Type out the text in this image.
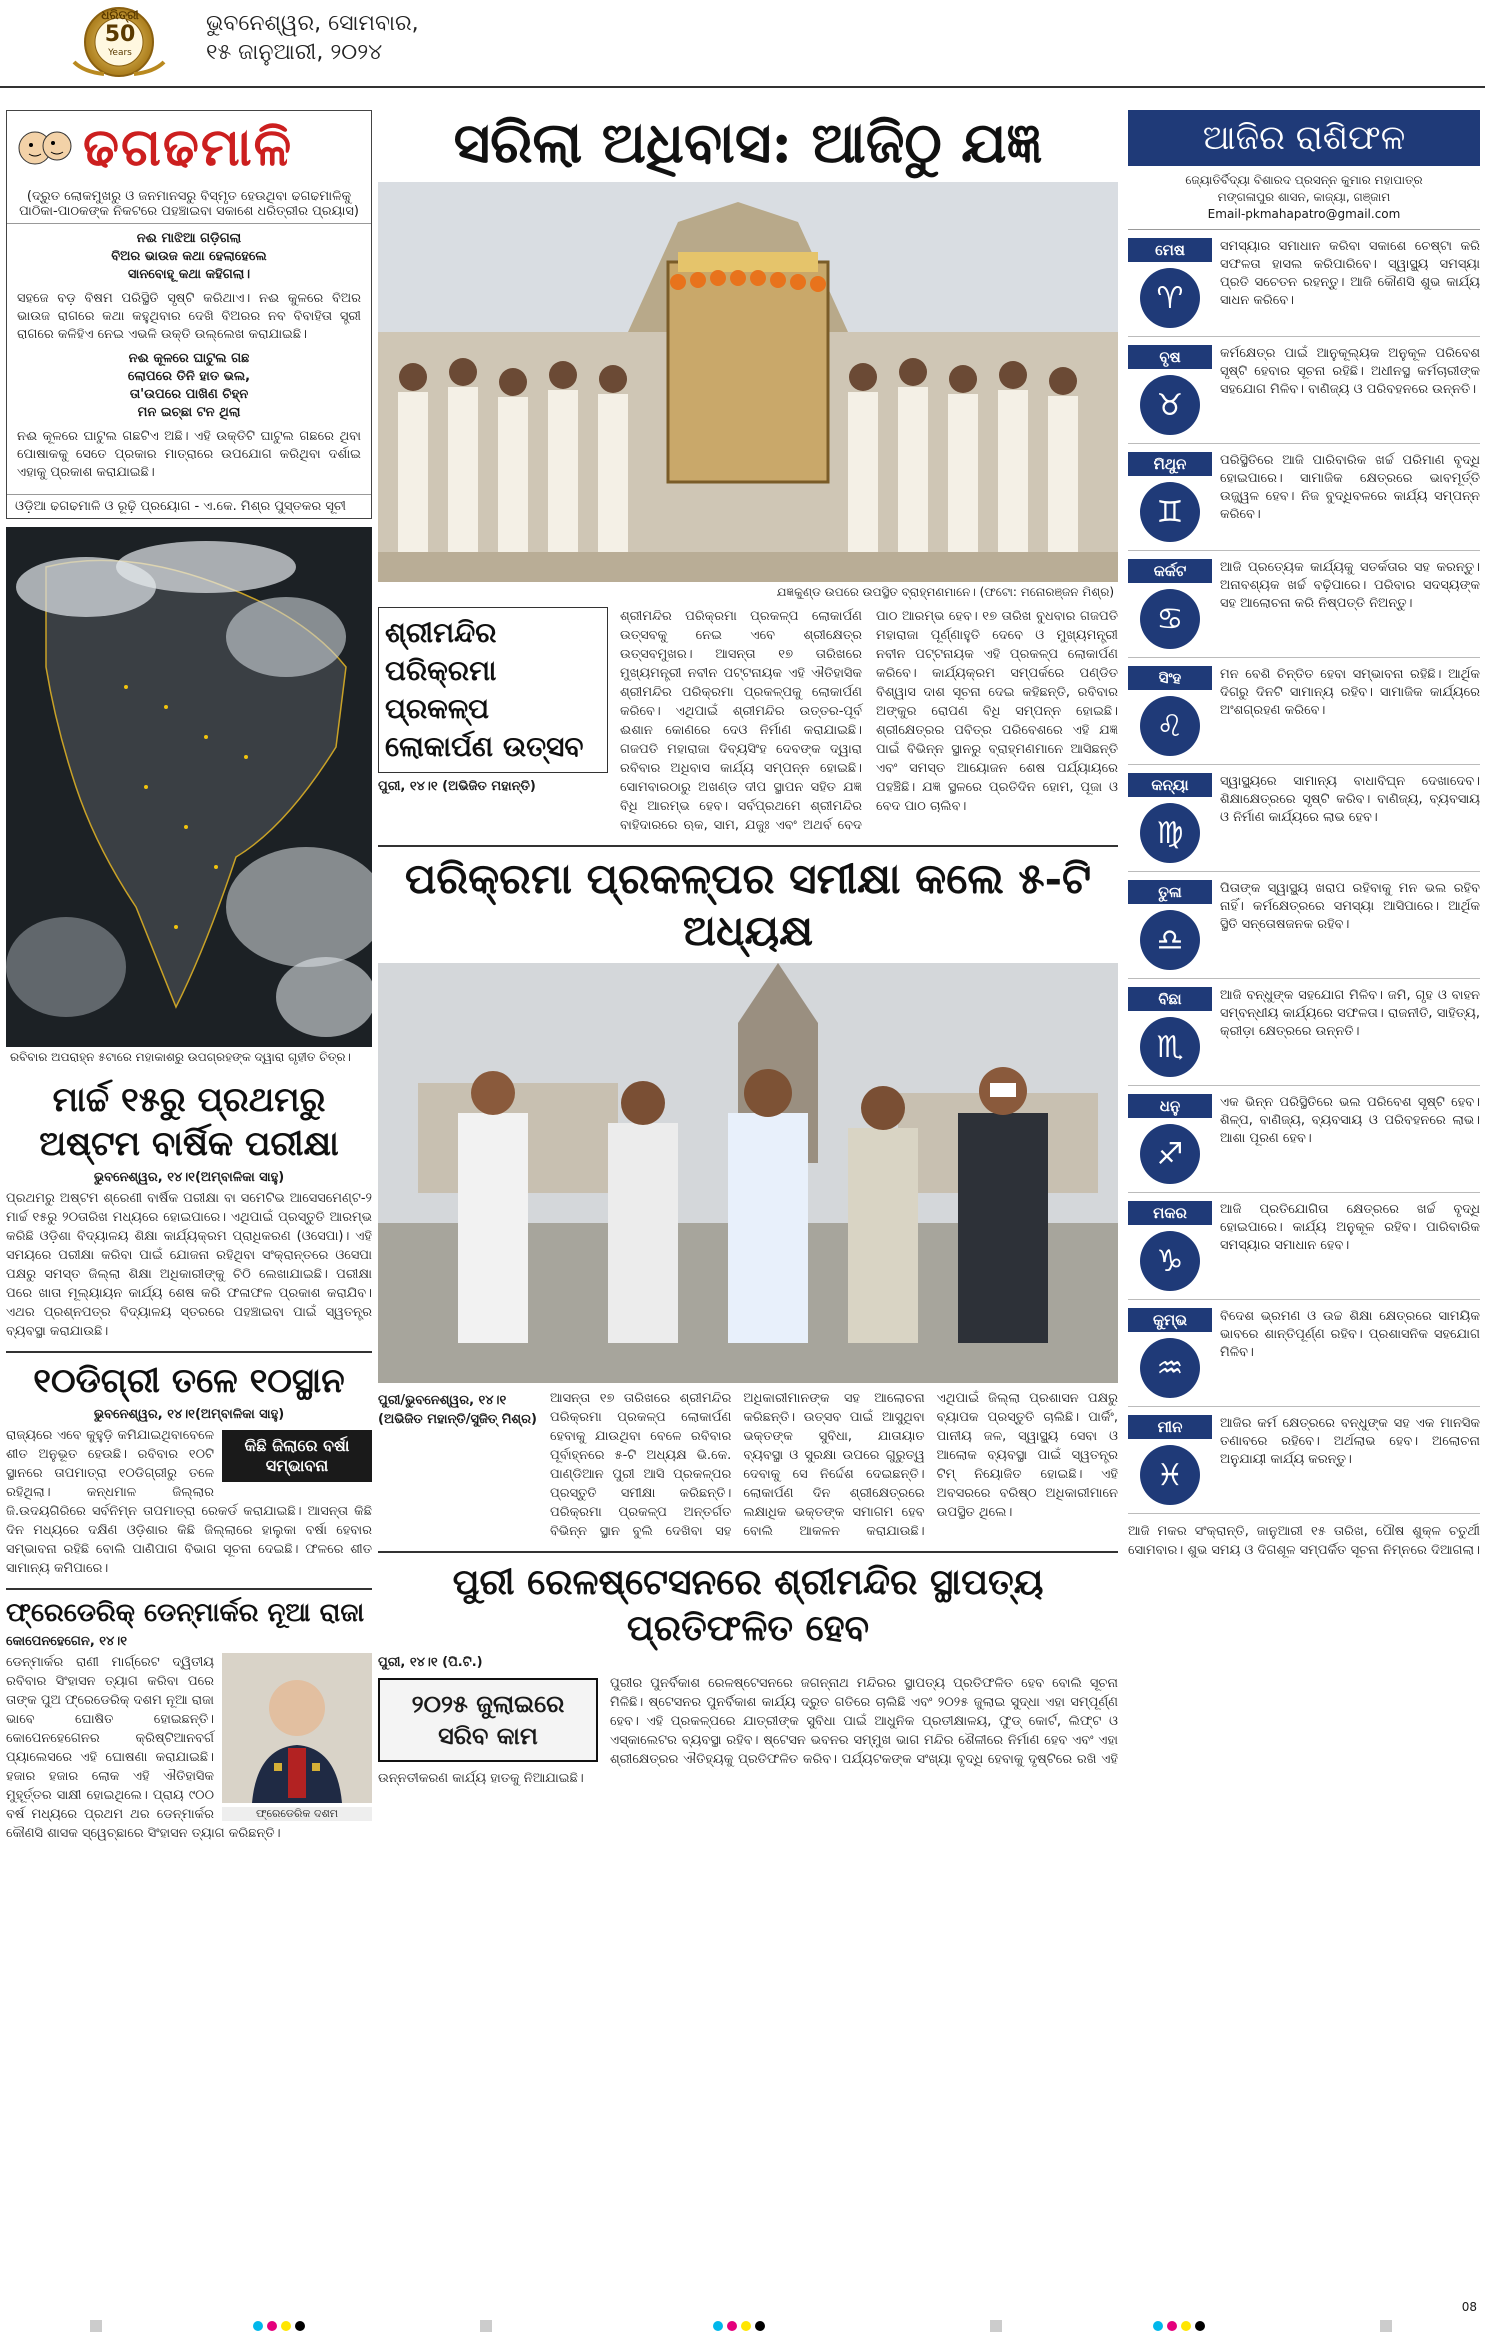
ଧରିତ୍ରୀ
50
Years
ଭୁବନେଶ୍ୱର, ସୋମବାର,
୧୫ ଜାନୁଆରୀ, ୨୦୨୪
ଢଗଢମାଳି
(ଦ୍ରୁତ ଲୋକମୁଖରୁ ଓ ଜନମାନସରୁ ବିସ୍ମୃତ ହେଉଥିବା ଢଗଢମାଳିକୁ ପାଠିକା-ପାଠକଙ୍କ ନିକଟରେ ପହଞ୍ଚାଇବା ସକାଶେ ଧରିତ୍ରୀର ପ୍ରୟାସ)

ନଈ ମାଝିଆ ଗଡ଼ିଗଲା

ବିଅର ଭାଉଜ କଥା ହେଲାହେଲେ

ସାନବୋହୂ କଥା କହିଗଲା।

ସହଜେ ବଡ଼ ବିଷମ ପରିସ୍ଥିତି ସୃଷ୍ଟି କରିଥାଏ। ନଈ କୁଳରେ ବିଅର ଭାଉଜ ରାଗରେ କଥା କହୁଥିବାର ଦେଖି ବିଅରର ନବ ବିବାହିତା ସ୍ତ୍ରୀ ରାଗରେ କଳିହିଏ ନେଇ ଏଭଳି ଉକ୍ତି ଉଲ୍ଲେଖ କରାଯାଇଛି।

ନଈ କୂଳରେ ଘାଟୁଲ ଗଛ

ଲୋପରେ ତିନି ହାତ ଭଲ,

ତା'ଉପରେ ପାଖିଣ ଚିହ୍ନ

ମନ ଇଚ୍ଛା ଟନ ଥିଲା

ନଈ କୂଳରେ ଘାଟୁଲ ଗଛଟିଏ ଅଛି। ଏହି ଉକ୍ତିଟି ଘାଟୁଲ ଗଛରେ ଥିବା ପୋଷାକକୁ ସେତେ ପ୍ରକାର ମାତ୍ରାରେ ଉପଯୋଗ କରିଥିବା ଦର୍ଶାଇ ଏହାକୁ ପ୍ରକାଶ କରାଯାଇଛି।

ଓଡ଼ିଆ ଢଗଢମାଳି ଓ ରୂଢ଼ି ପ୍ରୟୋଗ - ଏ.କେ. ମିଶ୍ର ପୁସ୍ତକର ସୂଚୀ
ରବିବାର ଅପରାହ୍ନ ୫ଟାରେ ମହାକାଶରୁ ଉପଗ୍ରହଙ୍କ ଦ୍ୱାରା ଗୃହୀତ ଚିତ୍ର।
ମାର୍ଚ୍ଚ ୧୫ରୁ ପ୍ରଥମରୁ ଅଷ୍ଟମ ବାର୍ଷିକ ପରୀକ୍ଷା
ଭୁବନେଶ୍ୱର, ୧୪।୧(ଅମ୍ବାଳିକା ସାହୁ)
ପ୍ରଥମରୁ ଅଷ୍ଟମ ଶ୍ରେଣୀ ବାର୍ଷିକ ପରୀକ୍ଷା ବା ସମେଟିଭ ଆସେସମେଣ୍ଟ-୨ ମାର୍ଚ୍ଚ ୧୫ରୁ ୨୦ତାରିଖ ମଧ୍ୟରେ ହୋଇପାରେ। ଏଥିପାଇଁ ପ୍ରସ୍ତୁତି ଆରମ୍ଭ କରିଛି ଓଡ଼ିଶା ବିଦ୍ୟାଳୟ ଶିକ୍ଷା କାର୍ଯ୍ୟକ୍ରମ ପ୍ରାଧିକରଣ (ଓସେପା)। ଏହି ସମୟରେ ପରୀକ୍ଷା କରିବା ପାଇଁ ଯୋଜନା ରହିଥିବା ସଂକ୍ରାନ୍ତରେ ଓସେପା ପକ୍ଷରୁ ସମସ୍ତ ଜିଲ୍ଲା ଶିକ୍ଷା ଅଧିକାରୀଙ୍କୁ ଚିଠି ଲେଖାଯାଇଛି। ପରୀକ୍ଷା ପରେ ଖାତା ମୂଲ୍ୟାୟନ କାର୍ଯ୍ୟ ଶେଷ କରି ଫଳାଫଳ ପ୍ରକାଶ କରାଯିବ। ଏଥର ପ୍ରଶ୍ନପତ୍ର ବିଦ୍ୟାଳୟ ସ୍ତରରେ ପହଞ୍ଚାଇବା ପାଇଁ ସ୍ୱତନ୍ତ୍ର ବ୍ୟବସ୍ଥା କରାଯାଉଛି।
୧୦ଡିଗ୍ରୀ ତଳେ ୧୦ସ୍ଥାନ
ଭୁବନେଶ୍ୱର, ୧୪।୧(ଅମ୍ବାଳିକା ସାହୁ)
କିଛି ଜିଲାରେ ବର୍ଷା ସମ୍ଭାବନା
ରାଜ୍ୟରେ ଏବେ କୁହୁଡ଼ି କମିଯାଇଥିବାବେଳେ ଶୀତ ଅନୁଭୂତ ହେଉଛି। ରବିବାର ୧୦ଟି ସ୍ଥାନରେ ତାପମାତ୍ରା ୧୦ଡିଗ୍ରୀରୁ ତଳେ ରହିଥିଲା। କନ୍ଧମାଳ ଜିଲ୍ଲାର ଜି.ଉଦୟଗିରିରେ ସର୍ବନିମ୍ନ ତାପମାତ୍ରା ରେକର୍ଡ କରାଯାଇଛି। ଆସନ୍ତା କିଛି ଦିନ ମଧ୍ୟରେ ଦକ୍ଷିଣ ଓଡ଼ିଶାର କିଛି ଜିଲ୍ଲାରେ ହାଲୁକା ବର୍ଷା ହେବାର ସମ୍ଭାବନା ରହିଛି ବୋଲି ପାଣିପାଗ ବିଭାଗ ସୂଚନା ଦେଇଛି। ଫଳରେ ଶୀତ ସାମାନ୍ୟ କମିପାରେ।
ଫ୍ରେଡେରିକ୍ ଡେନ୍ମାର୍କର ନୂଆ ରାଜା
କୋପେନହେଗେନ, ୧୪।୧
ଫ୍ରେଡେରିକ ଦଶମ
ଡେନ୍ମାର୍କର ରାଣୀ ମାର୍ଗ୍ରେଟ ଦ୍ୱିତୀୟ ରବିବାର ସିଂହାସନ ତ୍ୟାଗ କରିବା ପରେ ତାଙ୍କ ପୁଅ ଫ୍ରେଡେରିକ୍ ଦଶମ ନୂଆ ରାଜା ଭାବେ ଘୋଷିତ ହୋଇଛନ୍ତି। କୋପେନହେଗେନର କ୍ରିଷ୍ଟିଆନବର୍ଗ ପ୍ୟାଲେସରେ ଏହି ଘୋଷଣା କରାଯାଇଛି। ହଜାର ହଜାର ଲୋକ ଏହି ଐତିହାସିକ ମୁହୂର୍ତ୍ତର ସାକ୍ଷୀ ହୋଇଥିଲେ। ପ୍ରାୟ ୯୦୦ ବର୍ଷ ମଧ୍ୟରେ ପ୍ରଥମ ଥର ଡେନ୍ମାର୍କର କୌଣସି ଶାସକ ସ୍ୱେଚ୍ଛାରେ ସିଂହାସନ ତ୍ୟାଗ କରିଛନ୍ତି।
ସରିଲା ଅଧିବାସ: ଆଜିଠୁ ଯଜ୍ଞ
ଯଜ୍ଞକୁଣ୍ଡ ଉପରେ ଉପସ୍ଥିତ ବ୍ରାହ୍ମଣମାନେ। (ଫଟୋ: ମନୋରଞ୍ଜନ ମିଶ୍ର)
ଶ୍ରୀମନ୍ଦିର ପରିକ୍ରମା ପ୍ରକଳ୍ପ ଲୋକାର୍ପଣ ଉତ୍ସବ
ପୁରୀ, ୧୪।୧ (ଅଭିଜିତ ମହାନ୍ତି)
ଶ୍ରୀମନ୍ଦିର ପରିକ୍ରମା ପ୍ରକଳ୍ପ ଲୋକାର୍ପଣ ଉତ୍ସବକୁ ନେଇ ଏବେ ଶ୍ରୀକ୍ଷେତ୍ର ଉତ୍ସବମୁଖର। ଆସନ୍ତା ୧୭ ତାରିଖରେ ମୁଖ୍ୟମନ୍ତ୍ରୀ ନବୀନ ପଟ୍ଟନାୟକ ଏହି ଐତିହାସିକ ଶ୍ରୀମନ୍ଦିର ପରିକ୍ରମା ପ୍ରକଳ୍ପକୁ ଲୋକାର୍ପଣ କରିବେ। ଏଥିପାଇଁ ଶ୍ରୀମନ୍ଦିର ଉତ୍ତର-ପୂର୍ବ ଈଶାନ କୋଣରେ ଦେଓ ନିର୍ମାଣ କରାଯାଇଛି। ଗଜପତି ମହାରାଜା ଦିବ୍ୟସିଂହ ଦେବଙ୍କ ଦ୍ୱାରା ରବିବାର ଅଧିବାସ କାର୍ଯ୍ୟ ସମ୍ପନ୍ନ ହୋଇଛି। ସୋମବାରଠାରୁ ଅଖଣ୍ଡ ଦୀପ ସ୍ଥାପନ ସହିତ ଯଜ୍ଞ ବିଧି ଆରମ୍ଭ ହେବ। ସର୍ବପ୍ରଥମେ ଶ୍ରୀମନ୍ଦିର ବାହିଦାରରେ ଋକ, ସାମ, ଯଜୁଃ ଏବଂ ଅଥର୍ବ ବେଦ ପାଠ ଆରମ୍ଭ ହେବ। ୧୭ ତାରିଖ ବୁଧବାର ଗଜପତି ମହାରାଜା ପୂର୍ଣ୍ଣାହୁତି ଦେବେ ଓ ମୁଖ୍ୟମନ୍ତ୍ରୀ ନବୀନ ପଟ୍ଟନାୟକ ଏହି ପ୍ରକଳ୍ପ ଲୋକାର୍ପଣ କରିବେ। କାର୍ଯ୍ୟକ୍ରମ ସମ୍ପର୍କରେ ପଣ୍ଡିତ ବିଶ୍ୱାସ ଦାଶ ସୂଚନା ଦେଇ କହିଛନ୍ତି, ରବିବାର ଅଙ୍କୁର ରୋପଣ ବିଧି ସମ୍ପନ୍ନ ହୋଇଛି। ଶ୍ରୀକ୍ଷେତ୍ରର ପବିତ୍ର ପରିବେଶରେ ଏହି ଯଜ୍ଞ ପାଇଁ ବିଭିନ୍ନ ସ୍ଥାନରୁ ବ୍ରାହ୍ମଣମାନେ ଆସିଛନ୍ତି ଏବଂ ସମସ୍ତ ଆୟୋଜନ ଶେଷ ପର୍ଯ୍ୟାୟରେ ପହଞ୍ଚିଛି। ଯଜ୍ଞ ସ୍ଥଳରେ ପ୍ରତିଦିନ ହୋମ, ପୂଜା ଓ ବେଦ ପାଠ ଚାଲିବ।
ପରିକ୍ରମା ପ୍ରକଳ୍ପର ସମୀକ୍ଷା କଲେ ୫-ଟି ଅଧ୍ୟକ୍ଷ
ପୁରୀ/ଭୁବନେଶ୍ୱର, ୧୪।୧
(ଅଭିଜିତ ମହାନ୍ତି/ସୁଜିତ୍ ମିଶ୍ର)
ଆସନ୍ତା ୧୭ ତାରିଖରେ ଶ୍ରୀମନ୍ଦିର ପରିକ୍ରମା ପ୍ରକଳ୍ପ ଲୋକାର୍ପଣ ହେବାକୁ ଯାଉଥିବା ବେଳେ ରବିବାର ପୂର୍ବାହ୍ନରେ ୫-ଟି ଅଧ୍ୟକ୍ଷ ଭି.କେ. ପାଣ୍ଡିଆନ ପୁରୀ ଆସି ପ୍ରକଳ୍ପର ପ୍ରସ୍ତୁତି ସମୀକ୍ଷା କରିଛନ୍ତି। ପରିକ୍ରମା ପ୍ରକଳ୍ପ ଅନ୍ତର୍ଗତ ବିଭିନ୍ନ ସ୍ଥାନ ବୁଲି ଦେଖିବା ସହ ଅଧିକାରୀମାନଙ୍କ ସହ ଆଲୋଚନା କରିଛନ୍ତି। ଉତ୍ସବ ପାଇଁ ଆସୁଥିବା ଭକ୍ତଙ୍କ ସୁବିଧା, ଯାତାୟାତ ବ୍ୟବସ୍ଥା ଓ ସୁରକ୍ଷା ଉପରେ ଗୁରୁତ୍ୱ ଦେବାକୁ ସେ ନିର୍ଦ୍ଦେଶ ଦେଇଛନ୍ତି। ଲୋକାର୍ପଣ ଦିନ ଶ୍ରୀକ୍ଷେତ୍ରରେ ଲକ୍ଷାଧିକ ଭକ୍ତଙ୍କ ସମାଗମ ହେବ ବୋଲି ଆକଳନ କରାଯାଉଛି। ଏଥିପାଇଁ ଜିଲ୍ଲା ପ୍ରଶାସନ ପକ୍ଷରୁ ବ୍ୟାପକ ପ୍ରସ୍ତୁତି ଚାଲିଛି। ପାର୍କିଂ, ପାନୀୟ ଜଳ, ସ୍ୱାସ୍ଥ୍ୟ ସେବା ଓ ଆଲୋକ ବ୍ୟବସ୍ଥା ପାଇଁ ସ୍ୱତନ୍ତ୍ର ଟିମ୍ ନିୟୋଜିତ ହୋଇଛି। ଏହି ଅବସରରେ ବରିଷ୍ଠ ଅଧିକାରୀମାନେ ଉପସ୍ଥିତ ଥିଲେ।
ପୁରୀ ରେଳଷ୍ଟେସନରେ ଶ୍ରୀମନ୍ଦିର ସ୍ଥାପତ୍ୟ ପ୍ରତିଫଳିତ ହେବ
ପୁରୀ, ୧୪।୧ (ପି.ଟି.)
୨୦୨୫ ଜୁଲାଇରେ ସରିବ କାମ
ପୁରୀର ପୁନର୍ବିକାଶ ରେଳଷ୍ଟେସନରେ ଜଗନ୍ନାଥ ମନ୍ଦିରର ସ୍ଥାପତ୍ୟ ପ୍ରତିଫଳିତ ହେବ ବୋଲି ସୂଚନା ମିଳିଛି। ଷ୍ଟେସନର ପୁନର୍ବିକାଶ କାର୍ଯ୍ୟ ଦ୍ରୁତ ଗତିରେ ଚାଲିଛି ଏବଂ ୨୦୨୫ ଜୁଲାଇ ସୁଦ୍ଧା ଏହା ସମ୍ପୂର୍ଣ୍ଣ ହେବ। ଏହି ପ୍ରକଳ୍ପରେ ଯାତ୍ରୀଙ୍କ ସୁବିଧା ପାଇଁ ଆଧୁନିକ ପ୍ରତୀକ୍ଷାଳୟ, ଫୁଡ୍ କୋର୍ଟ, ଲିଫ୍ଟ ଓ ଏସ୍କାଲେଟର ବ୍ୟବସ୍ଥା ରହିବ। ଷ୍ଟେସନ ଭବନର ସମ୍ମୁଖ ଭାଗ ମନ୍ଦିର ଶୈଳୀରେ ନିର୍ମାଣ ହେବ ଏବଂ ଏହା ଶ୍ରୀକ୍ଷେତ୍ରର ଐତିହ୍ୟକୁ ପ୍ରତିଫଳିତ କରିବ। ପର୍ଯ୍ୟଟକଙ୍କ ସଂଖ୍ୟା ବୃଦ୍ଧି ହେବାକୁ ଦୃଷ୍ଟିରେ ରଖି ଏହି ଉନ୍ନତୀକରଣ କାର୍ଯ୍ୟ ହାତକୁ ନିଆଯାଇଛି।
ଆଜିର ରାଶିଫଳ
ଜ୍ୟୋତିର୍ବିଦ୍ୟା ବିଶାରଦ ପ୍ରସନ୍ନ କୁମାର ମହାପାତ୍ର
ମଙ୍ଗଳାପୁର ଶାସନ, କାଜ୍ୟା, ଗଞ୍ଜାମ
Email-pkmahapatro@gmail.com
ମେଷ
♈
ସମସ୍ୟାର ସମାଧାନ କରିବା ସକାଶେ ଚେଷ୍ଟା କରି ସଫଳତା ହାସଲ କରିପାରିବେ। ସ୍ୱାସ୍ଥ୍ୟ ସମସ୍ୟା ପ୍ରତି ସଚେତନ ରହନ୍ତୁ। ଆଜି କୌଣସି ଶୁଭ କାର୍ଯ୍ୟ ସାଧନ କରିବେ।
ବୃଷ
♉
କର୍ମକ୍ଷେତ୍ର ପାଇଁ ଆନୁକୂଲ୍ୟକ ଅନୁକୂଳ ପରିବେଶ ସୃଷ୍ଟି ହେବାର ସୂଚନା ରହିଛି। ଅଧୀନସ୍ଥ କର୍ମଚାରୀଙ୍କ ସହଯୋଗ ମିଳିବ। ବାଣିଜ୍ୟ ଓ ପରିବହନରେ ଉନ୍ନତି।
ମିଥୁନ
♊
ପରିସ୍ଥିତିରେ ଆଜି ପାରିବାରିକ ଖର୍ଚ୍ଚ ପରିମାଣ ବୃଦ୍ଧି ହୋଇପାରେ। ସାମାଜିକ କ୍ଷେତ୍ରରେ ଭାବମୂର୍ତ୍ତି ଉଜ୍ଜ୍ୱଳ ହେବ। ନିଜ ବୁଦ୍ଧିବଳରେ କାର୍ଯ୍ୟ ସମ୍ପନ୍ନ କରିବେ।
କର୍କଟ
♋
ଆଜି ପ୍ରତ୍ୟେକ କାର୍ଯ୍ୟକୁ ସତର୍କତାର ସହ କରନ୍ତୁ। ଅନାବଶ୍ୟକ ଖର୍ଚ୍ଚ ବଢ଼ିପାରେ। ପରିବାର ସଦସ୍ୟଙ୍କ ସହ ଆଲୋଚନା କରି ନିଷ୍ପତ୍ତି ନିଅନ୍ତୁ।
ସିଂହ
♌
ମନ ବେଶି ଚିନ୍ତିତ ହେବା ସମ୍ଭାବନା ରହିଛି। ଆର୍ଥିକ ଦିଗରୁ ଦିନଟି ସାମାନ୍ୟ ରହିବ। ସାମାଜିକ କାର୍ଯ୍ୟରେ ଅଂଶଗ୍ରହଣ କରିବେ।
କନ୍ୟା
♍
ସ୍ୱାସ୍ଥ୍ୟରେ ସାମାନ୍ୟ ବାଧାବିଘ୍ନ ଦେଖାଦେବ। ଶିକ୍ଷାକ୍ଷେତ୍ରରେ ସୃଷ୍ଟି କରିବ। ବାଣିଜ୍ୟ, ବ୍ୟବସାୟ ଓ ନିର୍ମାଣ କାର୍ଯ୍ୟରେ ଲାଭ ହେବ।
ତୁଳା
♎
ପିତାଙ୍କ ସ୍ୱାସ୍ଥ୍ୟ ଖରାପ ରହିବାକୁ ମନ ଭଲ ରହିବ ନାହିଁ। କର୍ମକ୍ଷେତ୍ରରେ ସମସ୍ୟା ଆସିପାରେ। ଆର୍ଥିକ ସ୍ଥିତି ସନ୍ତୋଷଜନକ ରହିବ।
ବିଛା
♏
ଆଜି ବନ୍ଧୁଙ୍କ ସହଯୋଗ ମିଳିବ। ଜମି, ଗୃହ ଓ ବାହନ ସମ୍ବନ୍ଧୀୟ କାର୍ଯ୍ୟରେ ସଫଳତା। ରାଜନୀତି, ସାହିତ୍ୟ, କ୍ରୀଡ଼ା କ୍ଷେତ୍ରରେ ଉନ୍ନତି।
ଧନୁ
♐
ଏକ ଭିନ୍ନ ପରିସ୍ଥିତିରେ ଭଲ ପରିବେଶ ସୃଷ୍ଟି ହେବ। ଶିଳ୍ପ, ବାଣିଜ୍ୟ, ବ୍ୟବସାୟ ଓ ପରିବହନରେ ଲାଭ। ଆଶା ପୂରଣ ହେବ।
ମକର
♑
ଆଜି ପ୍ରତିଯୋଗିତା କ୍ଷେତ୍ରରେ ଖର୍ଚ୍ଚ ବୃଦ୍ଧି ହୋଇପାରେ। କାର୍ଯ୍ୟ ଅନୁକୂଳ ରହିବ। ପାରିବାରିକ ସମସ୍ୟାର ସମାଧାନ ହେବ।
କୁମ୍ଭ
♒
ବିଦେଶ ଭ୍ରମଣ ଓ ଉଚ୍ଚ ଶିକ୍ଷା କ୍ଷେତ୍ରରେ ସାମୟିକ ଭାବରେ ଶାନ୍ତିପୂର୍ଣ୍ଣ ରହିବ। ପ୍ରଶାସନିକ ସହଯୋଗ ମିଳିବ।
ମୀନ
♓
ଆଜିର କର୍ମ କ୍ଷେତ୍ରରେ ବନ୍ଧୁଙ୍କ ସହ ଏକ ମାନସିକ ତଣାବରେ ରହିବେ। ଅର୍ଥଲାଭ ହେବ। ଅଲୋଚନା ଅନୁଯାୟୀ କାର୍ଯ୍ୟ କରନ୍ତୁ।
ଆଜି ମକର ସଂକ୍ରାନ୍ତି, ଜାନୁଆରୀ ୧୫ ତାରିଖ, ପୌଷ ଶୁକ୍ଳ ଚତୁର୍ଥୀ ସୋମବାର। ଶୁଭ ସମୟ ଓ ଦିଗଶୂଳ ସମ୍ପର୍କିତ ସୂଚନା ନିମ୍ନରେ ଦିଆଗଲା।
08
